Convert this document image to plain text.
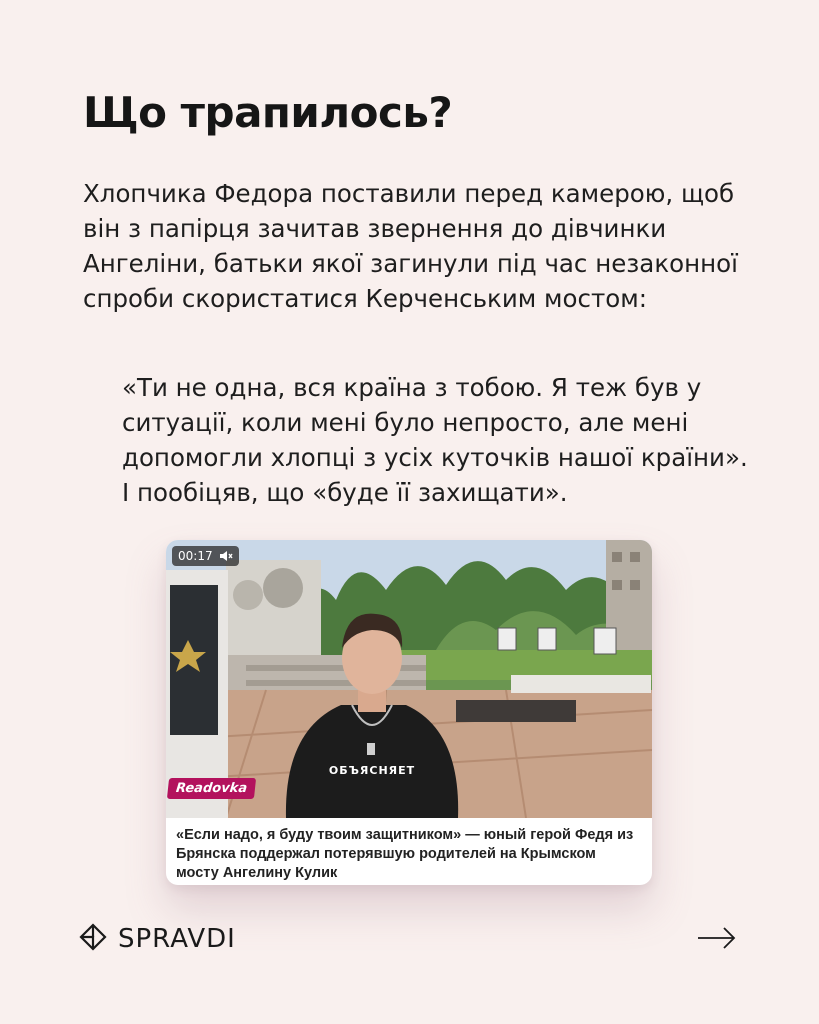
Що трапилось?

Хлопчика Федора поставили перед камерою, щоб він з папірця зачитав звернення до дівчинки Ангеліни, батьки якої загинули під час незаконної спроби скористатися Керченським мостом:

«Ти не одна, вся країна з тобою. Я теж був у ситуації, коли мені було непросто, але мені допомогли хлопці з усіх куточків нашої країни». І пообіцяв, що «буде її захищати».

ОБЪЯСНЯЕТ
00:17
Readovka

«Если надо, я буду твоим защитником» — юный герой Федя из Брянска поддержал потерявшую родителей на Крымском мосту Ангелину Кулик

SPRAVDI
